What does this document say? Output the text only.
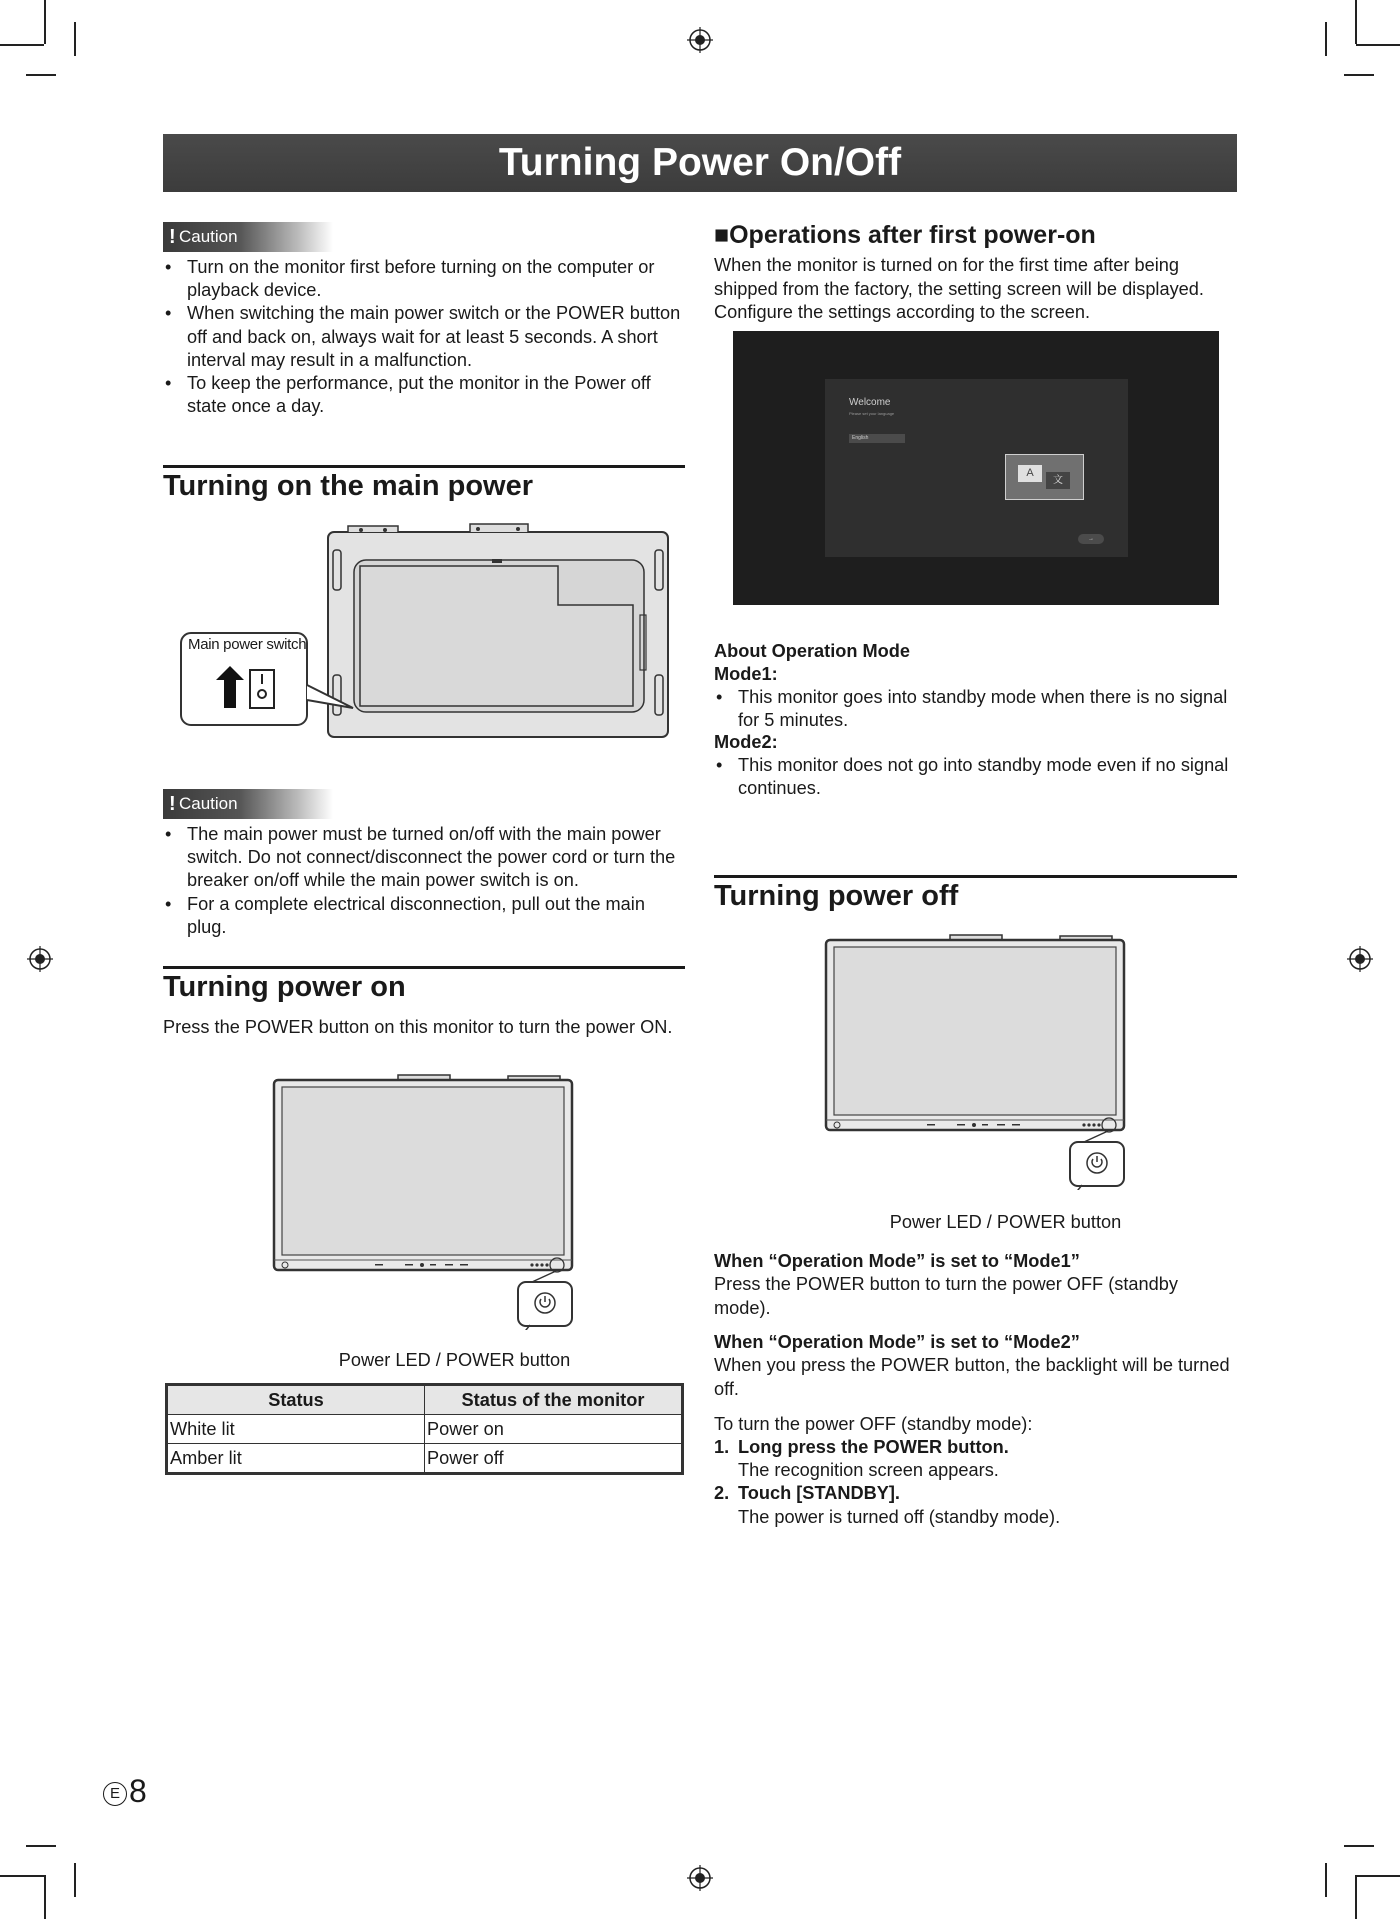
Turning Power On/Off
! Caution
• Turn on the monitor first before turning on the computer or playback device.
• When switching the main power switch or the POWER button off and back on, always wait for at least 5 seconds. A short interval may result in a malfunction.
• To keep the performance, put the monitor in the Power off state once a day.
Turning on the main power
Main power switch
! Caution
• The main power must be turned on/off with the main power switch. Do not connect/disconnect the power cord or turn the breaker on/off while the main power switch is on.
• For a complete electrical disconnection, pull out the main plug.
Turning power on
Press the POWER button on this monitor to turn the power ON.
Power LED / POWER button
Status	Status of the monitor
White lit	Power on
Amber lit	Power off
■Operations after first power-on
When the monitor is turned on for the first time after being shipped from the factory, the setting screen will be displayed. Configure the settings according to the screen.
Welcome
Please set your language
English
A
文
→
About Operation Mode
Mode1:
• This monitor goes into standby mode when there is no signal for 5 minutes.
Mode2:
• This monitor does not go into standby mode even if no signal continues.
Turning power off
Power LED / POWER button
When “Operation Mode” is set to “Mode1”
Press the POWER button to turn the power OFF (standby mode).
When “Operation Mode” is set to “Mode2”
When you press the POWER button, the backlight will be turned off.
To turn the power OFF (standby mode):
1. Long press the POWER button.
The recognition screen appears.
2. Touch [STANDBY].
The power is turned off (standby mode).
E 8
